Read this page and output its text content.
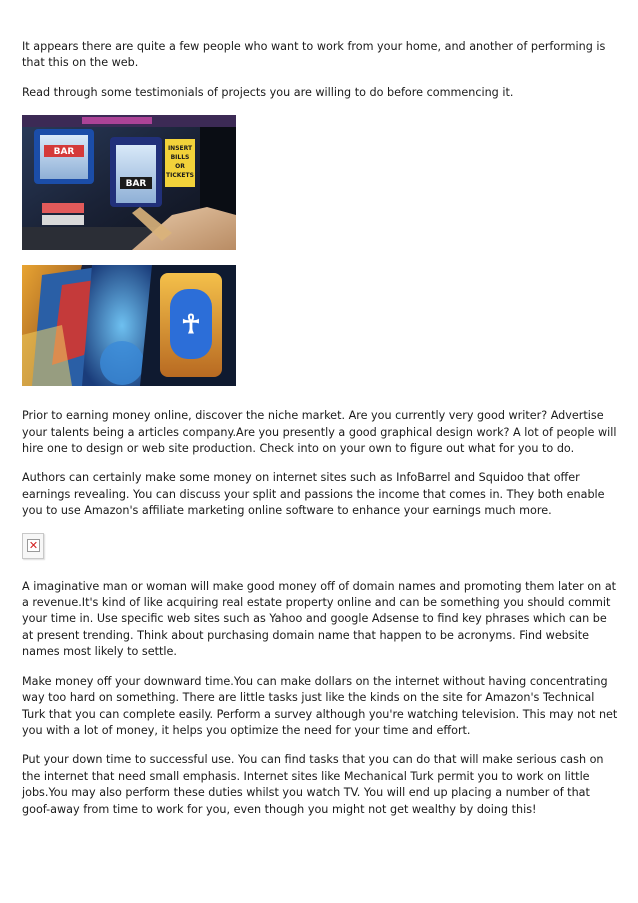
It appears there are quite a few people who want to work from your home, and another of performing is that this on the web.

Read through some testimonials of projects you are willing to do before commencing it.

BAR
BAR
INSERT
BILLS
OR
TICKETS
☥

Prior to earning money online, discover the niche market. Are you currently very good writer? Advertise your talents being a articles company.Are you presently a good graphical design work? A lot of people will hire one to design or web site production. Check into on your own to figure out what for you to do.

Authors can certainly make some money on internet sites such as InfoBarrel and Squidoo that offer earnings revealing. You can discuss your split and passions the income that comes in. They both enable you to use Amazon's affiliate marketing online software to enhance your earnings much more.

✕

A imaginative man or woman will make good money off of domain names and promoting them later on at a revenue.It's kind of like acquiring real estate property online and can be something you should commit your time in. Use specific web sites such as Yahoo and google Adsense to find key phrases which can be at present trending. Think about purchasing domain name that happen to be acronyms. Find website names most likely to settle.

Make money off your downward time.You can make dollars on the internet without having concentrating way too hard on something. There are little tasks just like the kinds on the site for Amazon's Technical Turk that you can complete easily. Perform a survey although you're watching television. This may not net you with a lot of money, it helps you optimize the need for your time and effort.

Put your down time to successful use. You can find tasks that you can do that will make serious cash on the internet that need small emphasis. Internet sites like Mechanical Turk permit you to work on little jobs.You may also perform these duties whilst you watch TV. You will end up placing a number of that goof-away from time to work for you, even though you might not get wealthy by doing this!
